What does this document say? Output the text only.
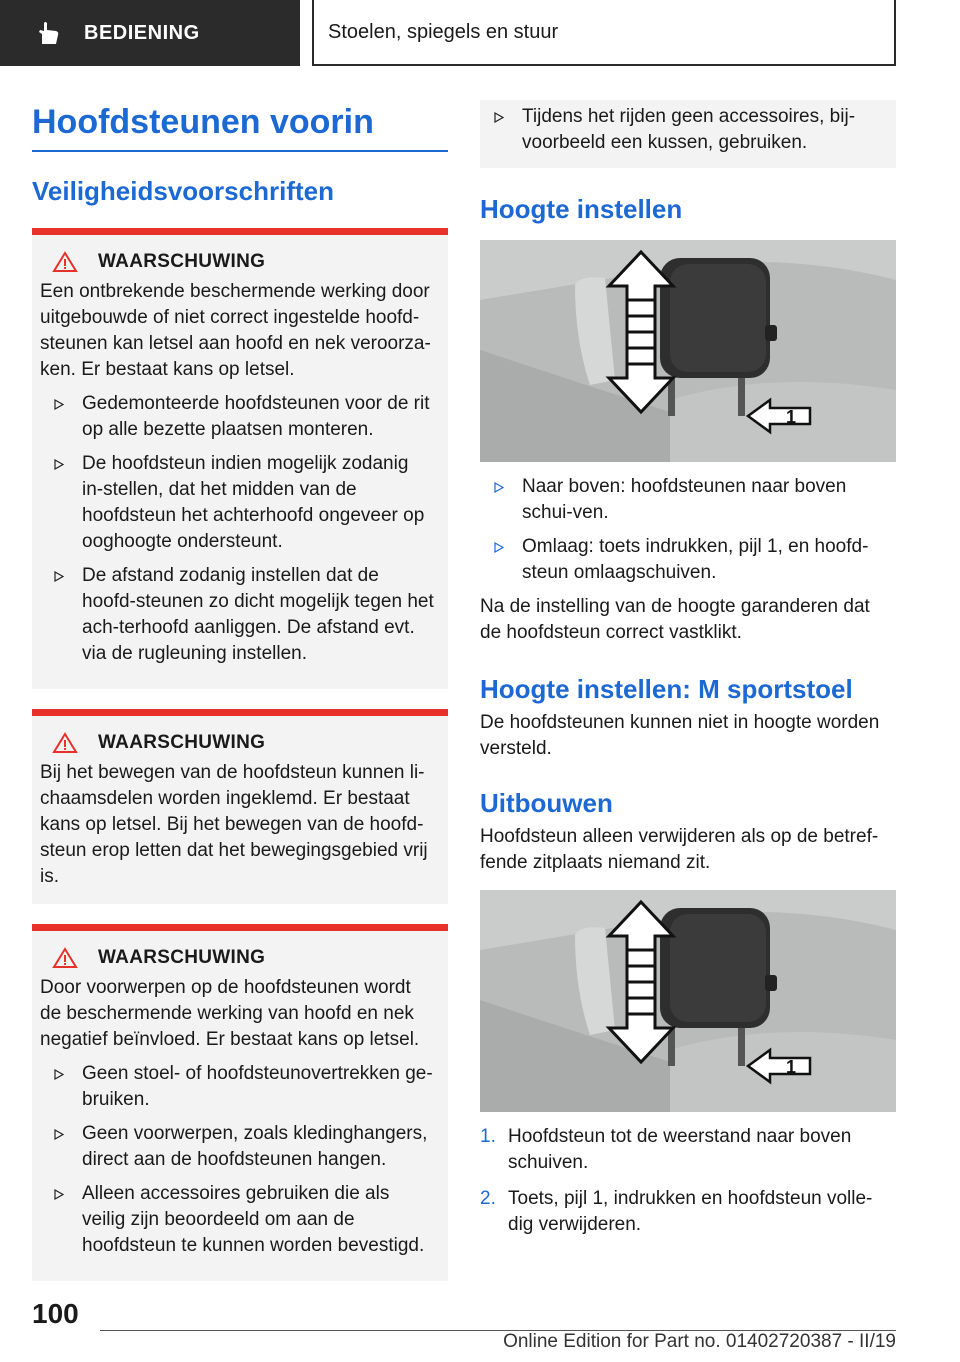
BEDIENING	Stoelen, spiegels en stuur
Hoofdsteunen voorin
Veiligheidsvoorschriften
WAARSCHUWING
Een ontbrekende beschermende werking door uitgebouwde of niet correct ingestelde hoofd-steunen kan letsel aan hoofd en nek veroorza-ken. Er bestaat kans op letsel.
Gedemonteerde hoofdsteunen voor de rit op alle bezette plaatsen monteren.
De hoofdsteun indien mogelijk zodanig in-stellen, dat het midden van de hoofdsteun het achterhoofd ongeveer op ooghoogte ondersteunt.
De afstand zodanig instellen dat de hoofd-steunen zo dicht mogelijk tegen het ach-terhoofd aanliggen. De afstand evt. via de rugleuning instellen.
WAARSCHUWING
Bij het bewegen van de hoofdsteun kunnen li-chaamsdelen worden ingeklemd. Er bestaat kans op letsel. Bij het bewegen van de hoofd-steun erop letten dat het bewegingsgebied vrij is.
WAARSCHUWING
Door voorwerpen op de hoofdsteunen wordt de beschermende werking van hoofd en nek negatief beïnvloed. Er bestaat kans op letsel.
Geen stoel- of hoofdsteunovertrekken ge-bruiken.
Geen voorwerpen, zoals kledinghangers, direct aan de hoofdsteunen hangen.
Alleen accessoires gebruiken die als veilig zijn beoordeeld om aan de hoofdsteun te kunnen worden bevestigd.
Tijdens het rijden geen accessoires, bij-voorbeeld een kussen, gebruiken.
Hoogte instellen
1
Naar boven: hoofdsteunen naar boven schui-ven.
Omlaag: toets indrukken, pijl 1, en hoofd-steun omlaagschuiven.
Na de instelling van de hoogte garanderen dat de hoofdsteun correct vastklikt.
Hoogte instellen: M sportstoel
De hoofdsteunen kunnen niet in hoogte worden versteld.
Uitbouwen
Hoofdsteun alleen verwijderen als op de betref-fende zitplaats niemand zit.
1
1. Hoofdsteun tot de weerstand naar boven schuiven.
2. Toets, pijl 1, indrukken en hoofdsteun volle-dig verwijderen.
100
Online Edition for Part no. 01402720387 - II/19
